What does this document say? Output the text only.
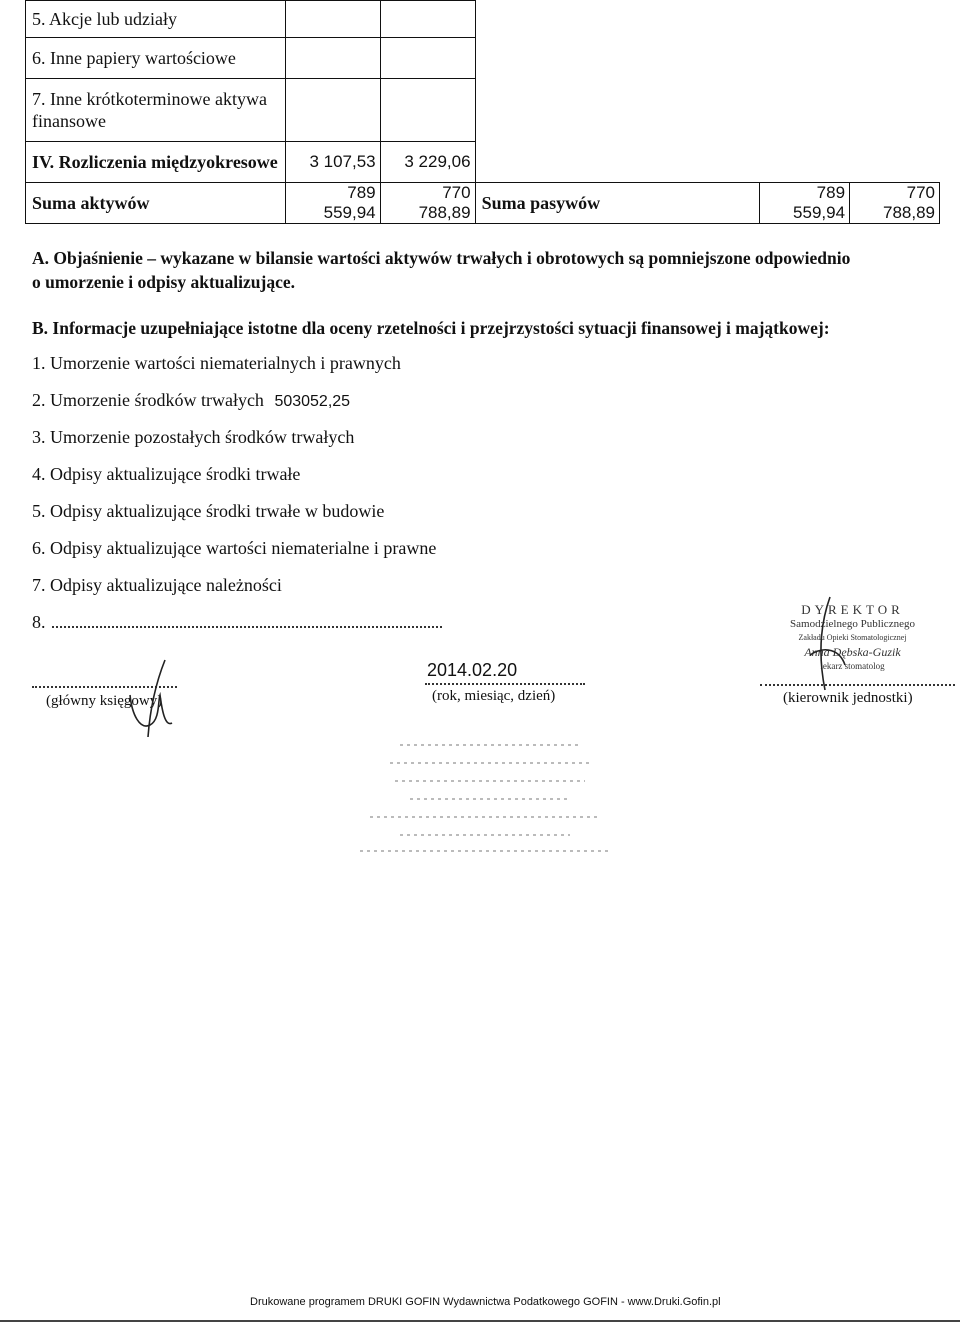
5. Akcje lub udziały					
6. Inne papiery wartościowe					
7. Inne krótkoterminowe aktywa finansowe					
IV. Rozliczenia międzyokresowe	3 107,53	3 229,06			
Suma aktywów	789 559,94	770 788,89	Suma pasywów	789 559,94	770 788,89
A. Objaśnienie – wykazane w bilansie wartości aktywów trwałych i obrotowych są pomniejszone odpowiednio
o umorzenie i odpisy aktualizujące.
B. Informacje uzupełniające istotne dla oceny rzetelności i przejrzystości sytuacji finansowej i majątkowej:
1. Umorzenie wartości niematerialnych i prawnych
2. Umorzenie środków trwałych 503052,25
3. Umorzenie pozostałych środków trwałych
4. Odpisy aktualizujące środki trwałe
5. Odpisy aktualizujące środki trwałe w budowie
6. Odpisy aktualizujące wartości niematerialne i prawne
7. Odpisy aktualizujące należności
8.
(główny księgowy)
2014.02.20
(rok, miesiąc, dzień)
DYREKTOR
Samodzielnego Publicznego
Zakładu Opieki Stomatologicznej
Anna Dębska-Guzik
lekarz stomatolog
(kierownik jednostki)
Drukowane programem DRUKI GOFIN Wydawnictwa Podatkowego GOFIN - www.Druki.Gofin.pl
